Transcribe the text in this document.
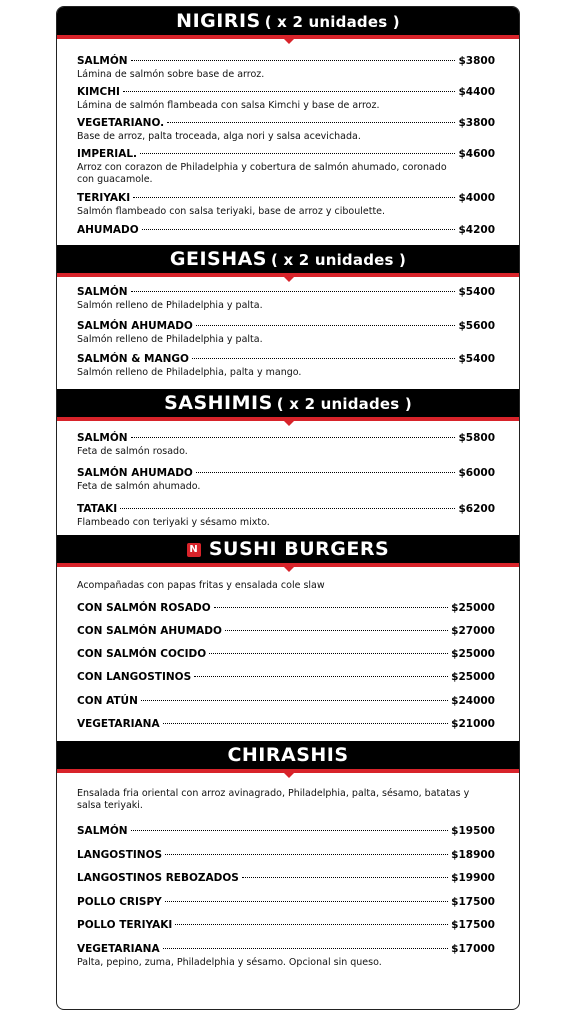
NIGIRIS ( x 2 unidades )
SALMÓN	$3800
Lámina de salmón sobre base de arroz.
KIMCHI	$4400
Lámina de salmón flambeada con salsa Kimchi y base de arroz.
VEGETARIANO.	$3800
Base de arroz, palta troceada, alga nori y salsa acevichada.
IMPERIAL.	$4600
Arroz con corazon de Philadelphia y cobertura de salmón ahumado, coronado con guacamole.
TERIYAKI	$4000
Salmón flambeado con salsa teriyaki, base de arroz y ciboulette.
AHUMADO	$4200
GEISHAS ( x 2 unidades )
SALMÓN	$5400
Salmón relleno de Philadelphia y palta.
SALMÓN AHUMADO	$5600
Salmón relleno de Philadelphia y palta.
SALMÓN & MANGO	$5400
Salmón relleno de Philadelphia, palta y mango.
SASHIMIS ( x 2 unidades )
SALMÓN	$5800
Feta de salmón rosado.
SALMÓN AHUMADO	$6000
Feta de salmón ahumado.
TATAKI	$6200
Flambeado con teriyaki y sésamo mixto.
N SUSHI BURGERS
Acompañadas con papas fritas y ensalada cole slaw
CON SALMÓN ROSADO	$25000
CON SALMÓN AHUMADO	$27000
CON SALMÓN COCIDO	$25000
CON LANGOSTINOS	$25000
CON ATÚN	$24000
VEGETARIANA	$21000
CHIRASHIS
Ensalada fria oriental con arroz avinagrado, Philadelphia, palta, sésamo, batatas y salsa teriyaki.
SALMÓN	$19500
LANGOSTINOS	$18900
LANGOSTINOS REBOZADOS	$19900
POLLO CRISPY	$17500
POLLO TERIYAKI	$17500
VEGETARIANA	$17000
Palta, pepino, zuma, Philadelphia y sésamo. Opcional sin queso.
